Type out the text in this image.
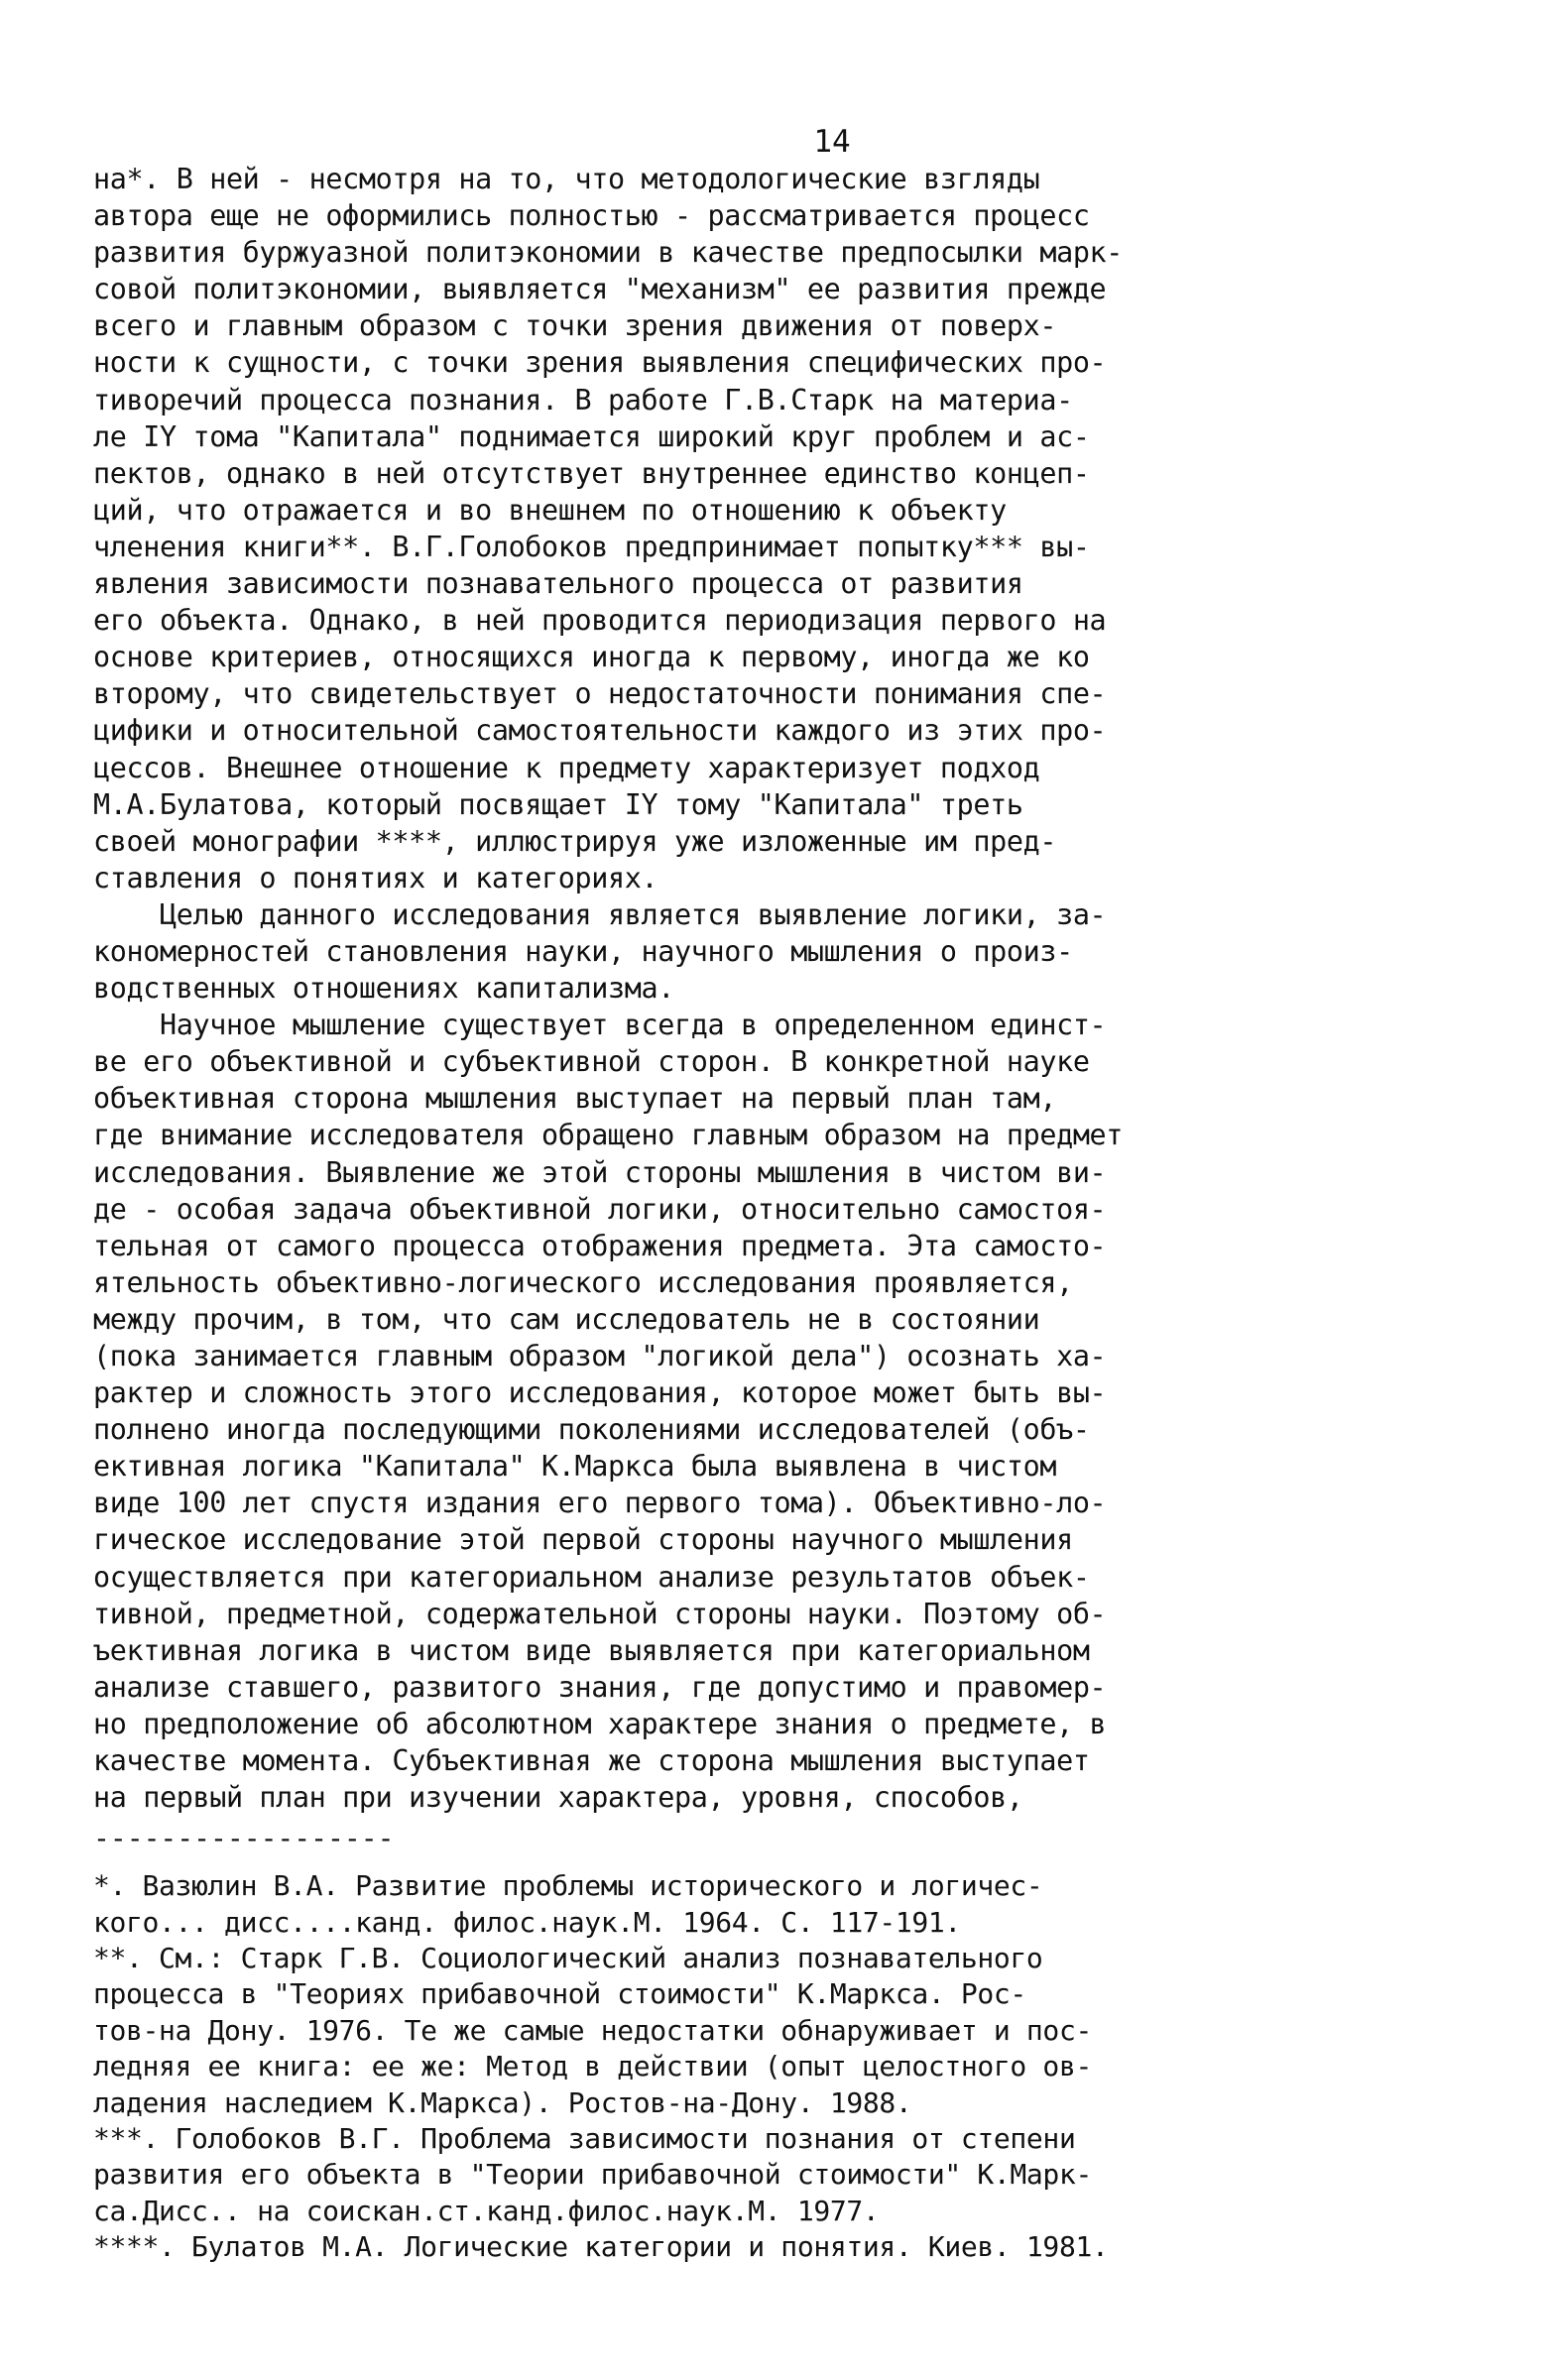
14
на*. В ней - несмотря на то, что методологические взгляды
автора еще не оформились полностью - рассматривается процесс
развития буржуазной политэкономии в качестве предпосылки марк-
совой политэкономии, выявляется "механизм" ее развития прежде
всего и главным образом с точки зрения движения от поверх-
ности к сущности, с точки зрения выявления специфических про-
тиворечий процесса познания. В работе Г.В.Старк на материа-
ле IY тома "Капитала" поднимается широкий круг проблем и ас-
пектов, однако в ней отсутствует внутреннее единство концеп-
ций, что отражается и во внешнем по отношению к объекту
членения книги**. В.Г.Голобоков предпринимает попытку*** вы-
явления зависимости познавательного процесса от развития
его объекта. Однако, в ней проводится периодизация первого на
основе критериев, относящихся иногда к первому, иногда же ко
второму, что свидетельствует о недостаточности понимания спе-
цифики и относительной самостоятельности каждого из этих про-
цессов. Внешнее отношение к предмету характеризует подход
М.А.Булатова, который посвящает IY тому "Капитала" треть
своей монографии ****, иллюстрируя уже изложенные им пред-
ставления о понятиях и категориях.
Целью данного исследования является выявление логики, за-
кономерностей становления науки, научного мышления о произ-
водственных отношениях капитализма.
Научное мышление существует всегда в определенном единст-
ве его объективной и субъективной сторон. В конкретной науке
объективная сторона мышления выступает на первый план там,
где внимание исследователя обращено главным образом на предмет
исследования. Выявление же этой стороны мышления в чистом ви-
де - особая задача объективной логики, относительно самостоя-
тельная от самого процесса отображения предмета. Эта самосто-
ятельность объективно-логического исследования проявляется,
между прочим, в том, что сам исследователь не в состоянии
(пока занимается главным образом "логикой дела") осознать ха-
рактер и сложность этого исследования, которое может быть вы-
полнено иногда последующими поколениями исследователей (объ-
ективная логика "Капитала" К.Маркса была выявлена в чистом
виде 100 лет спустя издания его первого тома). Объективно-ло-
гическое исследование этой первой стороны научного мышления
осуществляется при категориальном анализе результатов объек-
тивной, предметной, содержательной стороны науки. Поэтому об-
ъективная логика в чистом виде выявляется при категориальном
анализе ставшего, развитого знания, где допустимо и правомер-
но предположение об абсолютном характере знания о предмете, в
качестве момента. Субъективная же сторона мышления выступает
на первый план при изучении характера, уровня, способов,
------------------
*. Вазюлин В.А. Развитие проблемы исторического и логичес-
кого... дисс....канд. филос.наук.М. 1964. С. 117-191.
**. См.: Старк Г.В. Социологический анализ познавательного
процесса в "Теориях прибавочной стоимости" К.Маркса. Рос-
тов-на Дону. 1976. Те же самые недостатки обнаруживает и пос-
ледняя ее книга: ее же: Метод в действии (опыт целостного ов-
ладения наследием К.Маркса). Ростов-на-Дону. 1988.
***. Голобоков В.Г. Проблема зависимости познания от степени
развития его объекта в "Теории прибавочной стоимости" К.Марк-
са.Дисс.. на соискан.ст.канд.филос.наук.М. 1977.
****. Булатов М.А. Логические категории и понятия. Киев. 1981.
